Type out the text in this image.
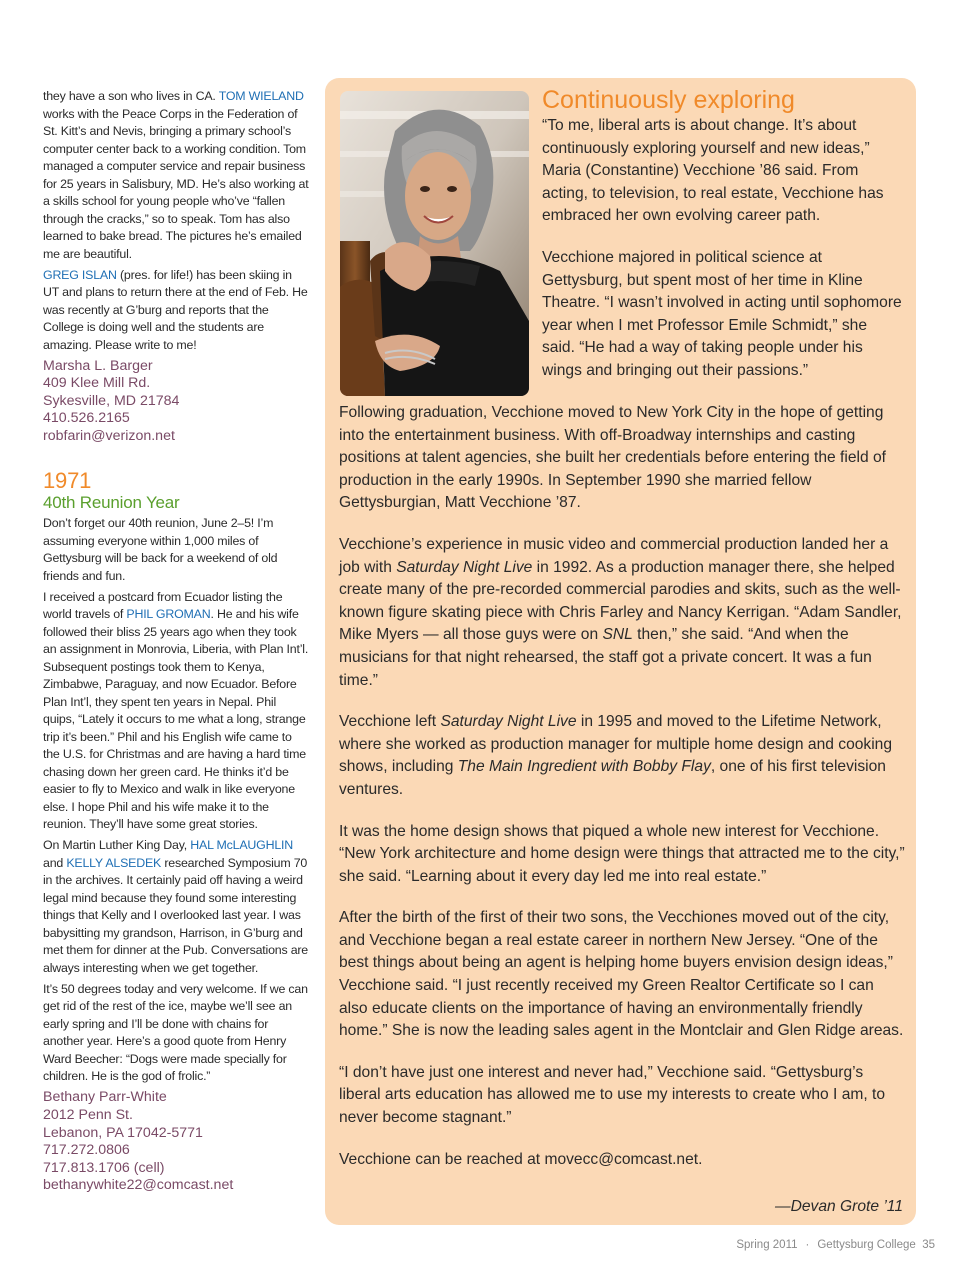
they have a son who lives in CA. TOM WIELAND works with the Peace Corps in the Federation of St. Kitt’s and Nevis, bringing a primary school’s computer center back to a working condition. Tom managed a computer service and repair business for 25 years in Salisbury, MD. He’s also working at a skills school for young people who’ve “fallen through the cracks,” so to speak. Tom has also learned to bake bread. The pictures he’s emailed me are beautiful.

GREG ISLAN (pres. for life!) has been skiing in UT and plans to return there at the end of Feb. He was recently at G’burg and reports that the College is doing well and the students are amazing. Please write to me!

Marsha L. Barger
409 Klee Mill Rd.
Sykesville, MD 21784
410.526.2165
robfarin@verizon.net
1971
40th Reunion Year

Don’t forget our 40th reunion, June 2–5! I’m assuming everyone within 1,000 miles of Gettysburg will be back for a weekend of old friends and fun.

I received a postcard from Ecuador listing the world travels of PHIL GROMAN. He and his wife followed their bliss 25 years ago when they took an assignment in Monrovia, Liberia, with Plan Int’l. Subsequent postings took them to Kenya, Zimbabwe, Paraguay, and now Ecuador. Before Plan Int’l, they spent ten years in Nepal. Phil quips, “Lately it occurs to me what a long, strange trip it’s been.” Phil and his English wife came to the U.S. for Christmas and are having a hard time chasing down her green card. He thinks it’d be easier to fly to Mexico and walk in like everyone else. I hope Phil and his wife make it to the reunion. They’ll have some great stories.

On Martin Luther King Day, HAL McLAUGHLIN and KELLY ALSEDEK researched Symposium 70 in the archives. It certainly paid off having a weird legal mind because they found some interesting things that Kelly and I overlooked last year. I was babysitting my grandson, Harrison, in G’burg and met them for dinner at the Pub. Conversations are always interesting when we get together.

It’s 50 degrees today and very welcome. If we can get rid of the rest of the ice, maybe we’ll see an early spring and I’ll be done with chains for another year. Here’s a good quote from Henry Ward Beecher: “Dogs were made specially for children. He is the god of frolic.”

Bethany Parr-White
2012 Penn St.
Lebanon, PA 17042-5771
717.272.0806
717.813.1706 (cell)
bethanywhite22@comcast.net
Continuously exploring

“To me, liberal arts is about change. It’s about continuously exploring yourself and new ideas,” Maria (Constantine) Vecchione ’86 said. From acting, to television, to real estate, Vecchione has embraced her own evolving career path.

Vecchione majored in political science at Gettysburg, but spent most of her time in Kline Theatre. “I wasn’t involved in acting until sophomore year when I met Professor Emile Schmidt,” she said. “He had a way of taking people under his wings and bringing out their passions.”

Following graduation, Vecchione moved to New York City in the hope of getting into the entertainment business. With off-Broadway internships and casting positions at talent agencies, she built her credentials before entering the field of production in the early 1990s. In September 1990 she married fellow Gettysburgian, Matt Vecchione ’87.

Vecchione’s experience in music video and commercial production landed her a job with Saturday Night Live in 1992. As a production manager there, she helped create many of the pre-recorded commercial parodies and skits, such as the well-known figure skating piece with Chris Farley and Nancy Kerrigan. “Adam Sandler, Mike Myers — all those guys were on SNL then,” she said. “And when the musicians for that night rehearsed, the staff got a private concert. It was a fun time.”

Vecchione left Saturday Night Live in 1995 and moved to the Lifetime Network, where she worked as production manager for multiple home design and cooking shows, including The Main Ingredient with Bobby Flay, one of his first television ventures.

It was the home design shows that piqued a whole new interest for Vecchione. “New York architecture and home design were things that attracted me to the city,” she said. “Learning about it every day led me into real estate.”

After the birth of the first of their two sons, the Vecchiones moved out of the city, and Vecchione began a real estate career in northern New Jersey. “One of the best things about being an agent is helping home buyers envision design ideas,” Vecchione said. “I just recently received my Green Realtor Certificate so I can also educate clients on the importance of having an environmentally friendly home.” She is now the leading sales agent in the Montclair and Glen Ridge areas.

“I don’t have just one interest and never had,” Vecchione said. “Gettysburg’s liberal arts education has allowed me to use my interests to create who I am, to never become stagnant.”

Vecchione can be reached at movecc@comcast.net.

—Devan Grote ’11
Spring 2011 · Gettysburg College 35
